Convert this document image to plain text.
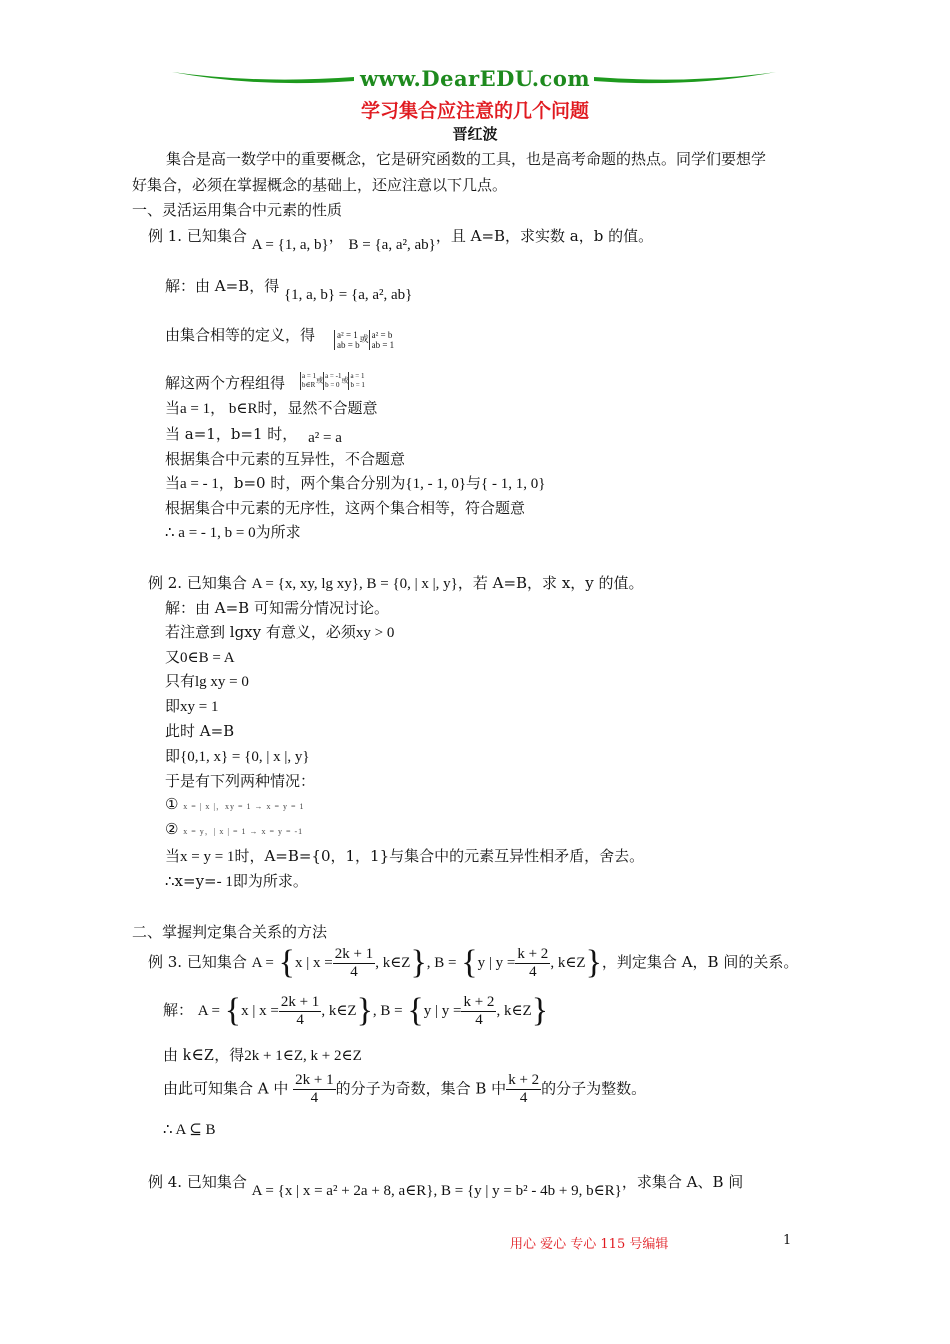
www.DearEDU.com
学习集合应注意的几个问题
晋红波
集合是高一数学中的重要概念，它是研究函数的工具，也是高考命题的热点。同学们要想学
好集合，必须在掌握概念的基础上，还应注意以下几点。
一、灵活运用集合中元素的性质
例 1. 已知集合 A = {1, a, b}， B = {a, a², ab}，且 A=B，求实数 a，b 的值。
解：由 A=B，得 {1, a, b} = {a, a², ab}
由集合相等的定义，得 a² = 1
ab = b
或 a² = b
ab = 1
解这两个方程组得 a = 1
b∈R
或
a = -1
b = 0
或
a = 1
b = 1
当a = 1， b∈R时，显然不合题意
当 a=1，b=1 时， a² = a
根据集合中元素的互异性，不合题意
当a = - 1，b=0 时，两个集合分别为{1, - 1, 0}与{ - 1, 1, 0}
根据集合中元素的无序性，这两个集合相等，符合题意
∴ a = - 1, b = 0为所求
例 2. 已知集合 A = {x, xy, lg xy}, B = {0, | x |, y}，若 A=B，求 x，y 的值。
解：由 A=B 可知需分情况讨论。
若注意到 lgxy 有意义，必须xy > 0
又0∈B = A
只有lg xy = 0
即xy = 1
此时 A=B
即{0,1, x} = {0, | x |, y}
于是有下列两种情况：
① x = | x |，xy = 1 → x = y = 1
② x = y，| x | = 1 → x = y = -1
当x = y = 1时，A=B={0，1，1}与集合中的元素互异性相矛盾，舍去。
∴x=y=- 1即为所求。
二、掌握判定集合关系的方法
例 3. 已知集合 A = {x | $x = \frac{2k + 1}{4}$ , k∈Z}, B = {y | $y = \frac{k + 2}{4}$ , k∈Z}，判定集合 A，B 间的关系。
解： A = {x | $x = \frac{2k + 1}{4}$ , k∈Z}, B = {y | $y = \frac{k + 2}{4}$ , k∈Z}
由 k∈Z，得2k + 1∈Z, k + 2∈Z
由此可知集合 A 中 $\frac{2k + 1}{4}$ 的分子为奇数，集合 B 中 $\frac{k + 2}{4}$ 的分子为整数。
∴ A ⊆ B
例 4. 已知集合 A = {x | x = a² + 2a + 8, a∈R}, B = {y | y = b² - 4b + 9, b∈R}，求集合 A、B 间
用心 爱心 专心 115 号编辑	1
